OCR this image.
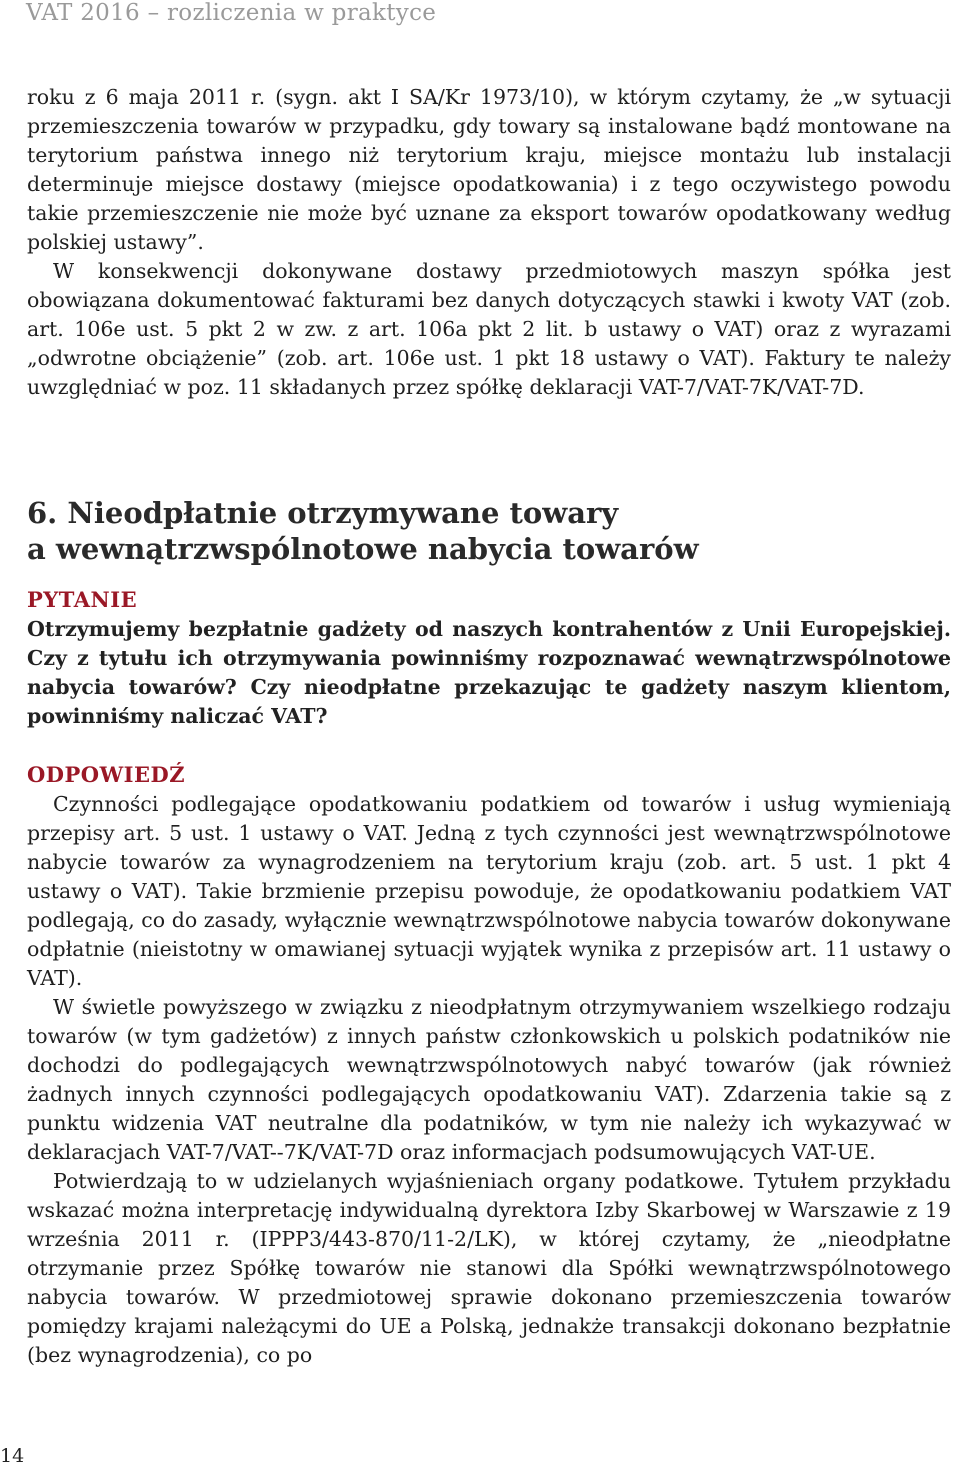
VAT 2016 – rozliczenia w praktyce

roku z 6 maja 2011 r. (sygn. akt I SA/Kr 1973/10), w którym czytamy, że „w sytuacji przemieszczenia towarów w przypadku, gdy towary są instalowane bądź montowane na terytorium państwa innego niż terytorium kraju, miejsce montażu lub instalacji determinuje miejsce dostawy (miejsce opodatkowania) i z tego oczywistego powodu takie przemieszczenie nie może być uznane za eksport towarów opodatkowany według polskiej ustawy”.

W konsekwencji dokonywane dostawy przedmiotowych maszyn spółka jest obowiązana dokumentować fakturami bez danych dotyczących stawki i kwoty VAT (zob. art. 106e ust. 5 pkt 2 w zw. z art. 106a pkt 2 lit. b ustawy o VAT) oraz z wyrazami „odwrotne obciążenie” (zob. art. 106e ust. 1 pkt 18 ustawy o VAT). Faktury te należy uwzględniać w poz. 11 składanych przez spółkę deklaracji VAT-7/VAT-7K/VAT-7D.

6. Nieodpłatnie otrzymywane towary
a wewnątrzwspólnotowe nabycia towarów
PYTANIE
Otrzymujemy bezpłatnie gadżety od naszych kontrahentów z Unii Europejskiej. Czy z tytułu ich otrzymywania powinniśmy rozpoznawać wewnątrzwspólnotowe nabycia towarów? Czy nieodpłatne przekazując te gadżety naszym klientom, powinniśmy naliczać VAT?
ODPOWIEDŹ

Czynności podlegające opodatkowaniu podatkiem od towarów i usług wymieniają przepisy art. 5 ust. 1 ustawy o VAT. Jedną z tych czynności jest wewnątrzwspólnotowe nabycie towarów za wynagrodzeniem na terytorium kraju (zob. art. 5 ust. 1 pkt 4 ustawy o VAT). Takie brzmienie przepisu powoduje, że opodatkowaniu podatkiem VAT podlegają, co do zasady, wyłącznie wewnątrzwspólnotowe nabycia towarów dokonywane odpłatnie (nieistotny w omawianej sytuacji wyjątek wynika z przepisów art. 11 ustawy o VAT).

W świetle powyższego w związku z nieodpłatnym otrzymywaniem wszelkiego rodzaju towarów (w tym gadżetów) z innych państw członkowskich u polskich podatników nie dochodzi do podlegających wewnątrzwspólnotowych nabyć towarów (jak również żadnych innych czynności podlegających opodatkowaniu VAT). Zdarzenia takie są z punktu widzenia VAT neutralne dla podatników, w tym nie należy ich wykazywać w deklaracjach VAT-7/VAT--7K/VAT-7D oraz informacjach podsumowujących VAT-UE.

Potwierdzają to w udzielanych wyjaśnieniach organy podatkowe. Tytułem przykładu wskazać można interpretację indywidualną dyrektora Izby Skarbowej w Warszawie z 19 września 2011 r. (IPPP3/443-870/11-2/LK), w której czytamy, że „nieodpłatne otrzymanie przez Spółkę towarów nie stanowi dla Spółki wewnątrzwspólnotowego nabycia towarów. W przedmiotowej sprawie dokonano przemieszczenia towarów pomiędzy krajami należącymi do UE a Polską, jednakże transakcji dokonano bezpłatnie (bez wynagrodzenia), co po

14
